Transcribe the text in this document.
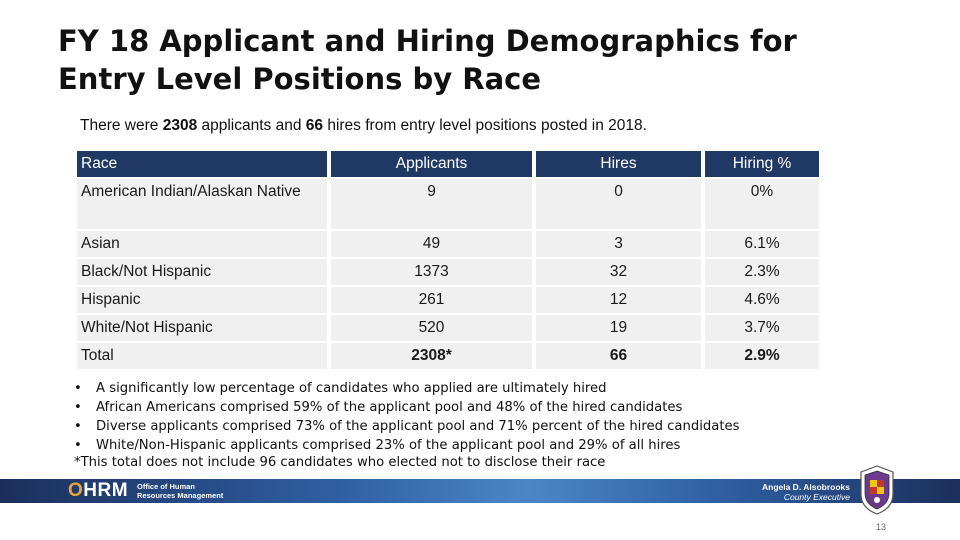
FY 18 Applicant and Hiring Demographics for
Entry Level Positions by Race
There were 2308 applicants and 66 hires from entry level positions posted in 2018.
Race	Applicants	Hires	Hiring %
American Indian/Alaskan Native	9	0	0%
Asian	49	3	6.1%
Black/Not Hispanic	1373	32	2.3%
Hispanic	261	12	4.6%
White/Not Hispanic	520	19	3.7%
Total	2308*	66	2.9%
• A significantly low percentage of candidates who applied are ultimately hired
• African Americans comprised 59% of the applicant pool and 48% of the hired candidates
• Diverse applicants comprised 73% of the applicant pool and 71% percent of the hired candidates
• White/Non-Hispanic applicants comprised 23% of the applicant pool and 29% of all hires
*This total does not include 96 candidates who elected not to disclose their race
OHRM Office of Human
Resources Management
Angela D. Alsobrooks
County Executive
13
